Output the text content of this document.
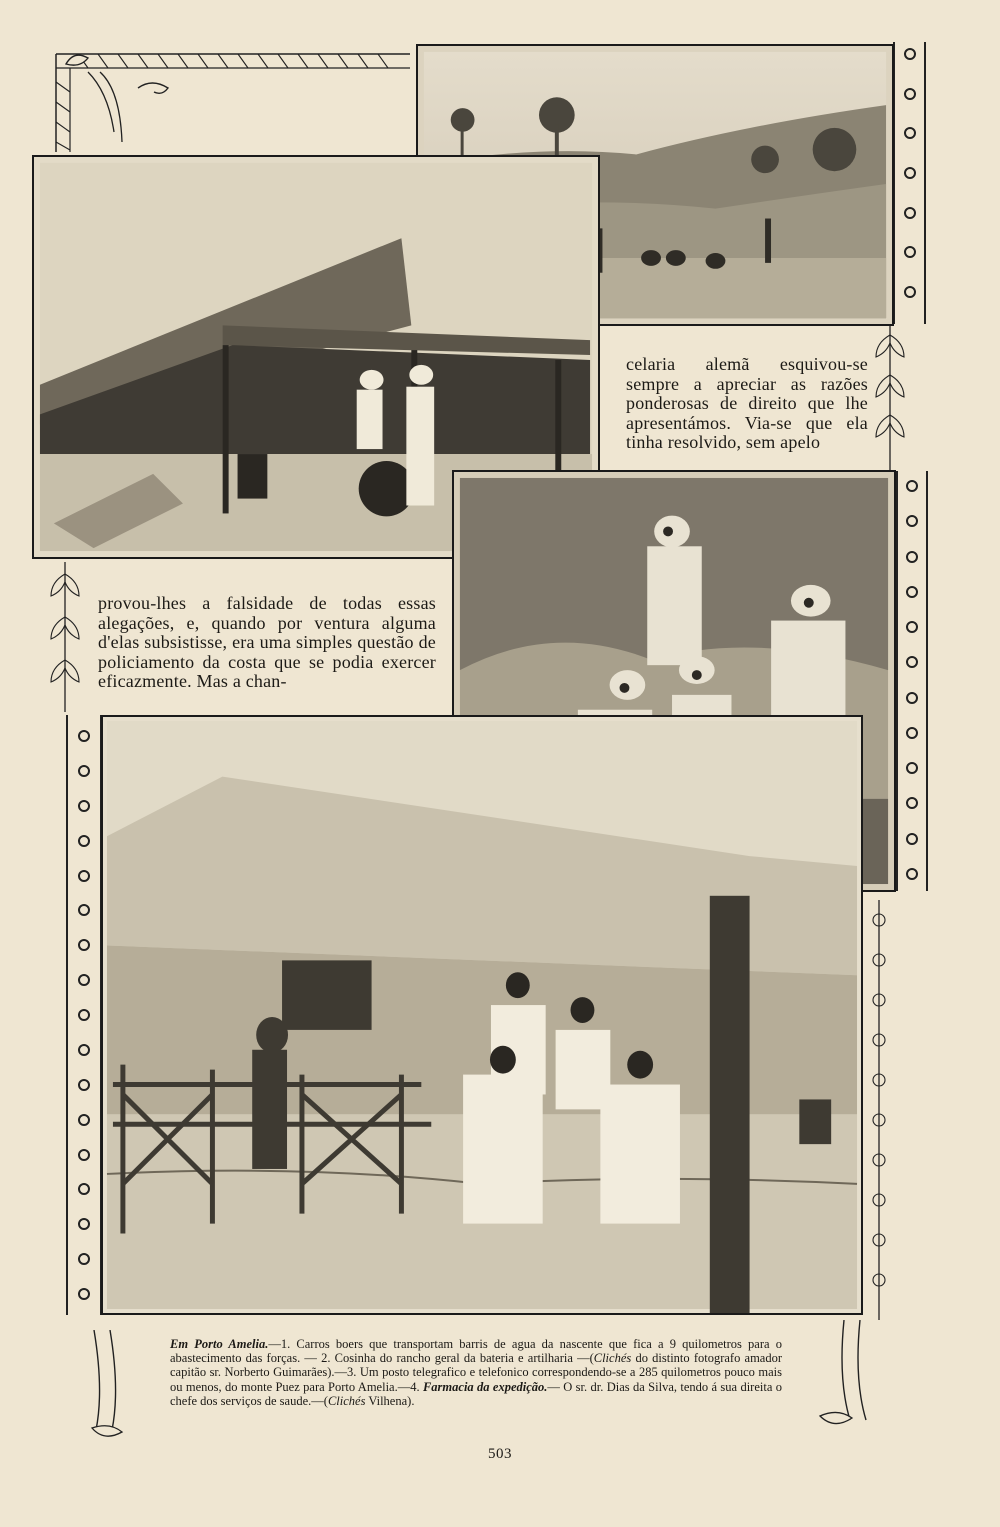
celaria alemã esquivou-se sempre a apreciar as razões ponderosas de direito que lhe apresentámos. Via-se que ela tinha resolvido, sem apelo

provou-lhes a falsidade de todas essas alegações, e, quando por ventura alguma d'elas subsistisse, era uma simples questão de policiamento da costa que se podia exercer eficazmente. Mas a chan-

Em Porto Amelia.—1. Carros boers que transportam barris de agua da nascente que fica a 9 quilometros para o abastecimento das forças. — 2. Cosinha do rancho geral da bateria e artilharia —(Clichés do distinto fotografo amador capitão sr. Norberto Guimarães).—3. Um posto telegrafico e telefonico correspondendo-se a 285 quilometros pouco mais ou menos, do monte Puez para Porto Amelia.—4. Farmacia da expedição.— O sr. dr. Dias da Silva, tendo á sua direita o chefe dos serviços de saude.—(Clichés Vilhena).
503
